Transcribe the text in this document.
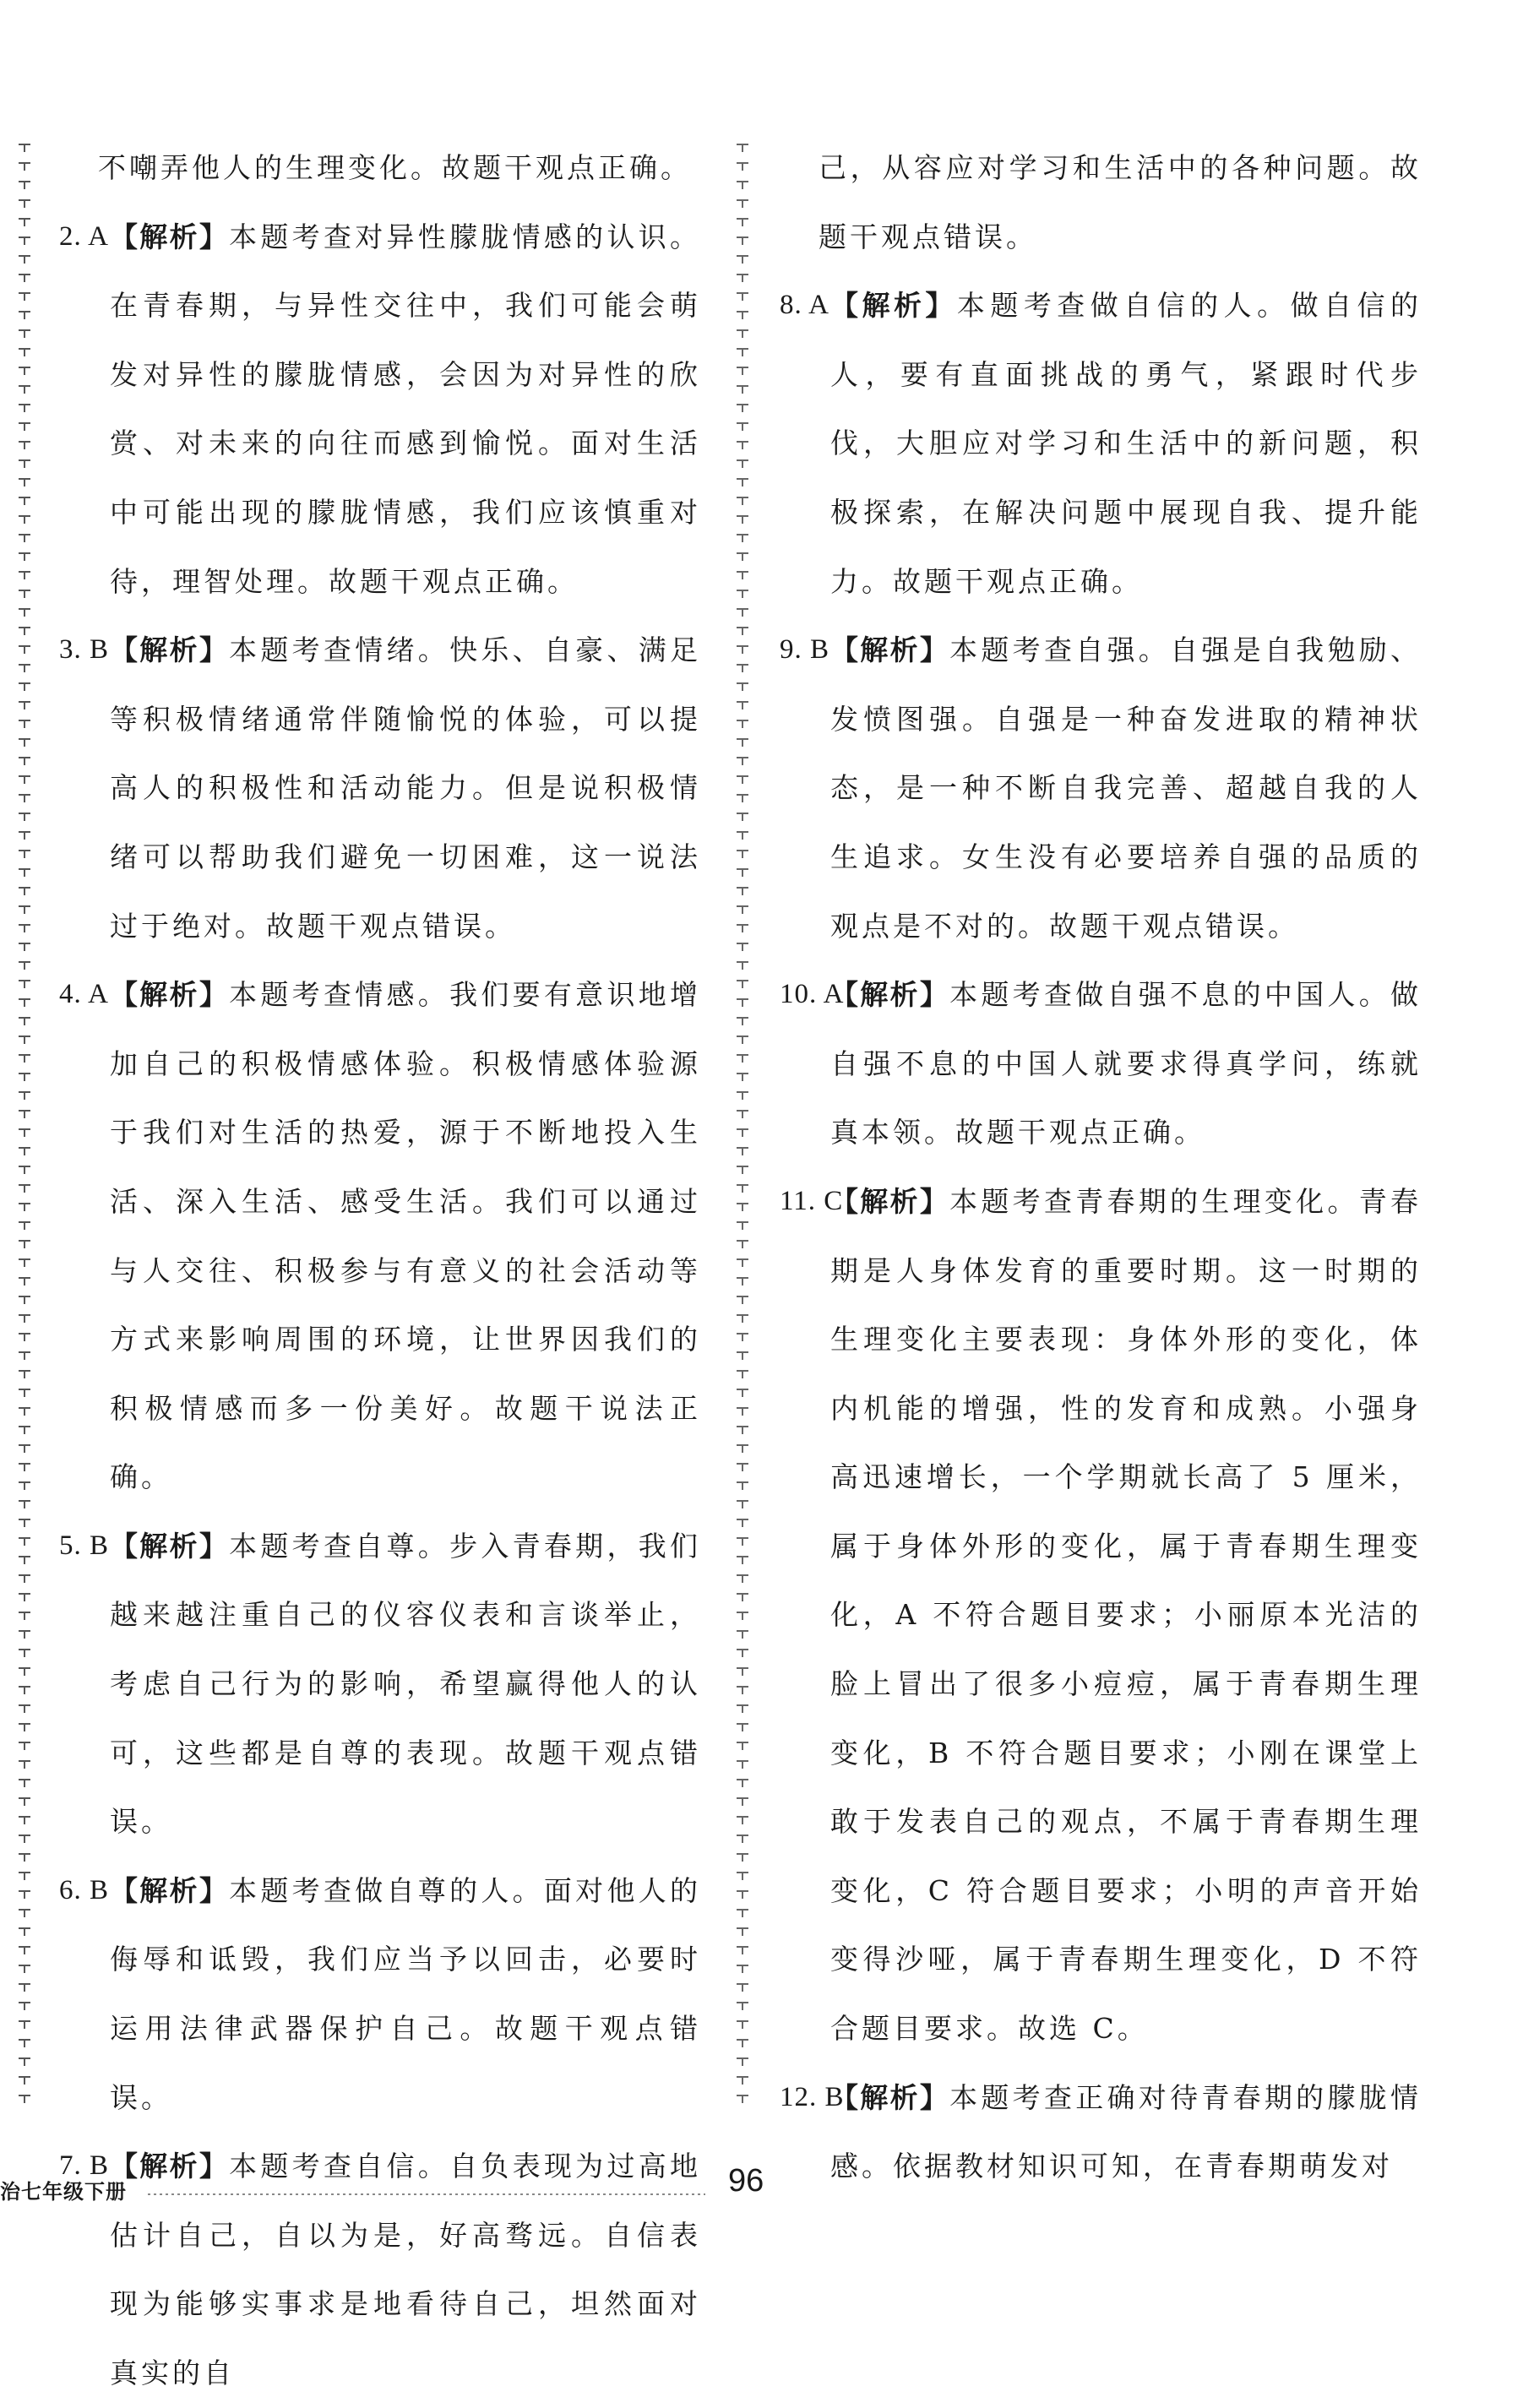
不嘲弄他人的生理变化。故题干观点正确。
2. A 【解析】本题考查对异性朦胧情感的认识。在青春期，与异性交往中，我们可能会萌发对异性的朦胧情感，会因为对异性的欣赏、对未来的向往而感到愉悦。面对生活中可能出现的朦胧情感，我们应该慎重对待，理智处理。故题干观点正确。
3. B 【解析】本题考查情绪。快乐、自豪、满足等积极情绪通常伴随愉悦的体验，可以提高人的积极性和活动能力。但是说积极情绪可以帮助我们避免一切困难，这一说法过于绝对。故题干观点错误。
4. A 【解析】本题考查情感。我们要有意识地增加自己的积极情感体验。积极情感体验源于我们对生活的热爱，源于不断地投入生活、深入生活、感受生活。我们可以通过与人交往、积极参与有意义的社会活动等方式来影响周围的环境，让世界因我们的积极情感而多一份美好。故题干说法正确。
5. B 【解析】本题考查自尊。步入青春期，我们越来越注重自己的仪容仪表和言谈举止，考虑自己行为的影响，希望赢得他人的认可，这些都是自尊的表现。故题干观点错误。
6. B 【解析】本题考查做自尊的人。面对他人的侮辱和诋毁，我们应当予以回击，必要时运用法律武器保护自己。故题干观点错误。
7. B 【解析】本题考查自信。自负表现为过高地估计自己，自以为是，好高骛远。自信表现为能够实事求是地看待自己，坦然面对真实的自
己，从容应对学习和生活中的各种问题。故题干观点错误。
8. A 【解析】本题考查做自信的人。做自信的人，要有直面挑战的勇气，紧跟时代步伐，大胆应对学习和生活中的新问题，积极探索，在解决问题中展现自我、提升能力。故题干观点正确。
9. B 【解析】本题考查自强。自强是自我勉励、发愤图强。自强是一种奋发进取的精神状态，是一种不断自我完善、超越自我的人生追求。女生没有必要培养自强的品质的观点是不对的。故题干观点错误。
10. A
【解析】本题考查做自强不息的中国人。做自强不息的中国人就要求得真学问，练就真本领。故题干观点正确。
11. C
【解析】本题考查青春期的生理变化。青春期是人身体发育的重要时期。这一时期的生理变化主要表现：身体外形的变化，体内机能的增强，性的发育和成熟。小强身高迅速增长，一个学期就长高了 5 厘米，属于身体外形的变化，属于青春期生理变化，A 不符合题目要求；小丽原本光洁的脸上冒出了很多小痘痘，属于青春期生理变化，B 不符合题目要求；小刚在课堂上敢于发表自己的观点，不属于青春期生理变化，C 符合题目要求；小明的声音开始变得沙哑，属于青春期生理变化，D 不符合题目要求。故选 C。
12. B
【解析】本题考查正确对待青春期的朦胧情感。依据教材知识可知，在青春期萌发对
治七年级下册	96
